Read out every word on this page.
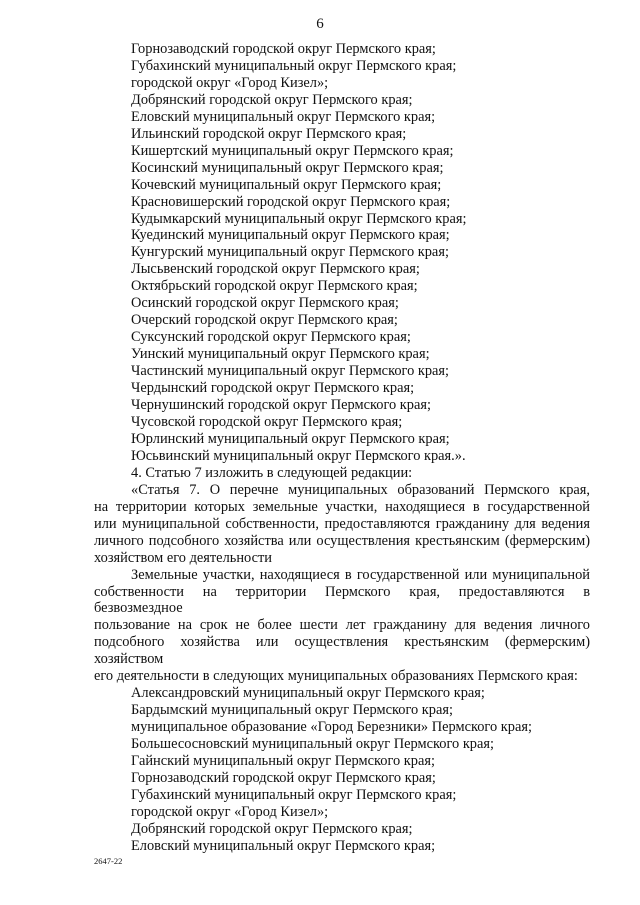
6
Горнозаводский городской округ Пермского края;
Губахинский муниципальный округ Пермского края;
городской округ «Город Кизел»;
Добрянский городской округ Пермского края;
Еловский муниципальный округ Пермского края;
Ильинский городской округ Пермского края;
Кишертский муниципальный округ Пермского края;
Косинский муниципальный округ Пермского края;
Кочевский муниципальный округ Пермского края;
Красновишерский городской округ Пермского края;
Кудымкарский муниципальный округ Пермского края;
Куединский муниципальный округ Пермского края;
Кунгурский муниципальный округ Пермского края;
Лысьвенский городской округ Пермского края;
Октябрьский городской округ Пермского края;
Осинский городской округ Пермского края;
Очерский городской округ Пермского края;
Суксунский городской округ Пермского края;
Уинский муниципальный округ Пермского края;
Частинский муниципальный округ Пермского края;
Чердынский городской округ Пермского края;
Чернушинский городской округ Пермского края;
Чусовской городской округ Пермского края;
Юрлинский муниципальный округ Пермского края;
Юсьвинский муниципальный округ Пермского края.».
4. Статью 7 изложить в следующей редакции:
«Статья 7. О перечне муниципальных образований Пермского края,
на территории которых земельные участки, находящиеся в государственной
или муниципальной собственности, предоставляются гражданину для ведения
личного подсобного хозяйства или осуществления крестьянским (фермерским)
хозяйством его деятельности
Земельные участки, находящиеся в государственной или муниципальной
собственности на территории Пермского края, предоставляются в безвозмездное
пользование на срок не более шести лет гражданину для ведения личного
подсобного хозяйства или осуществления крестьянским (фермерским) хозяйством
его деятельности в следующих муниципальных образованиях Пермского края:
Александровский муниципальный округ Пермского края;
Бардымский муниципальный округ Пермского края;
муниципальное образование «Город Березники» Пермского края;
Большесосновский муниципальный округ Пермского края;
Гайнский муниципальный округ Пермского края;
Горнозаводский городской округ Пермского края;
Губахинский муниципальный округ Пермского края;
городской округ «Город Кизел»;
Добрянский городской округ Пермского края;
Еловский муниципальный округ Пермского края;
2647-22
